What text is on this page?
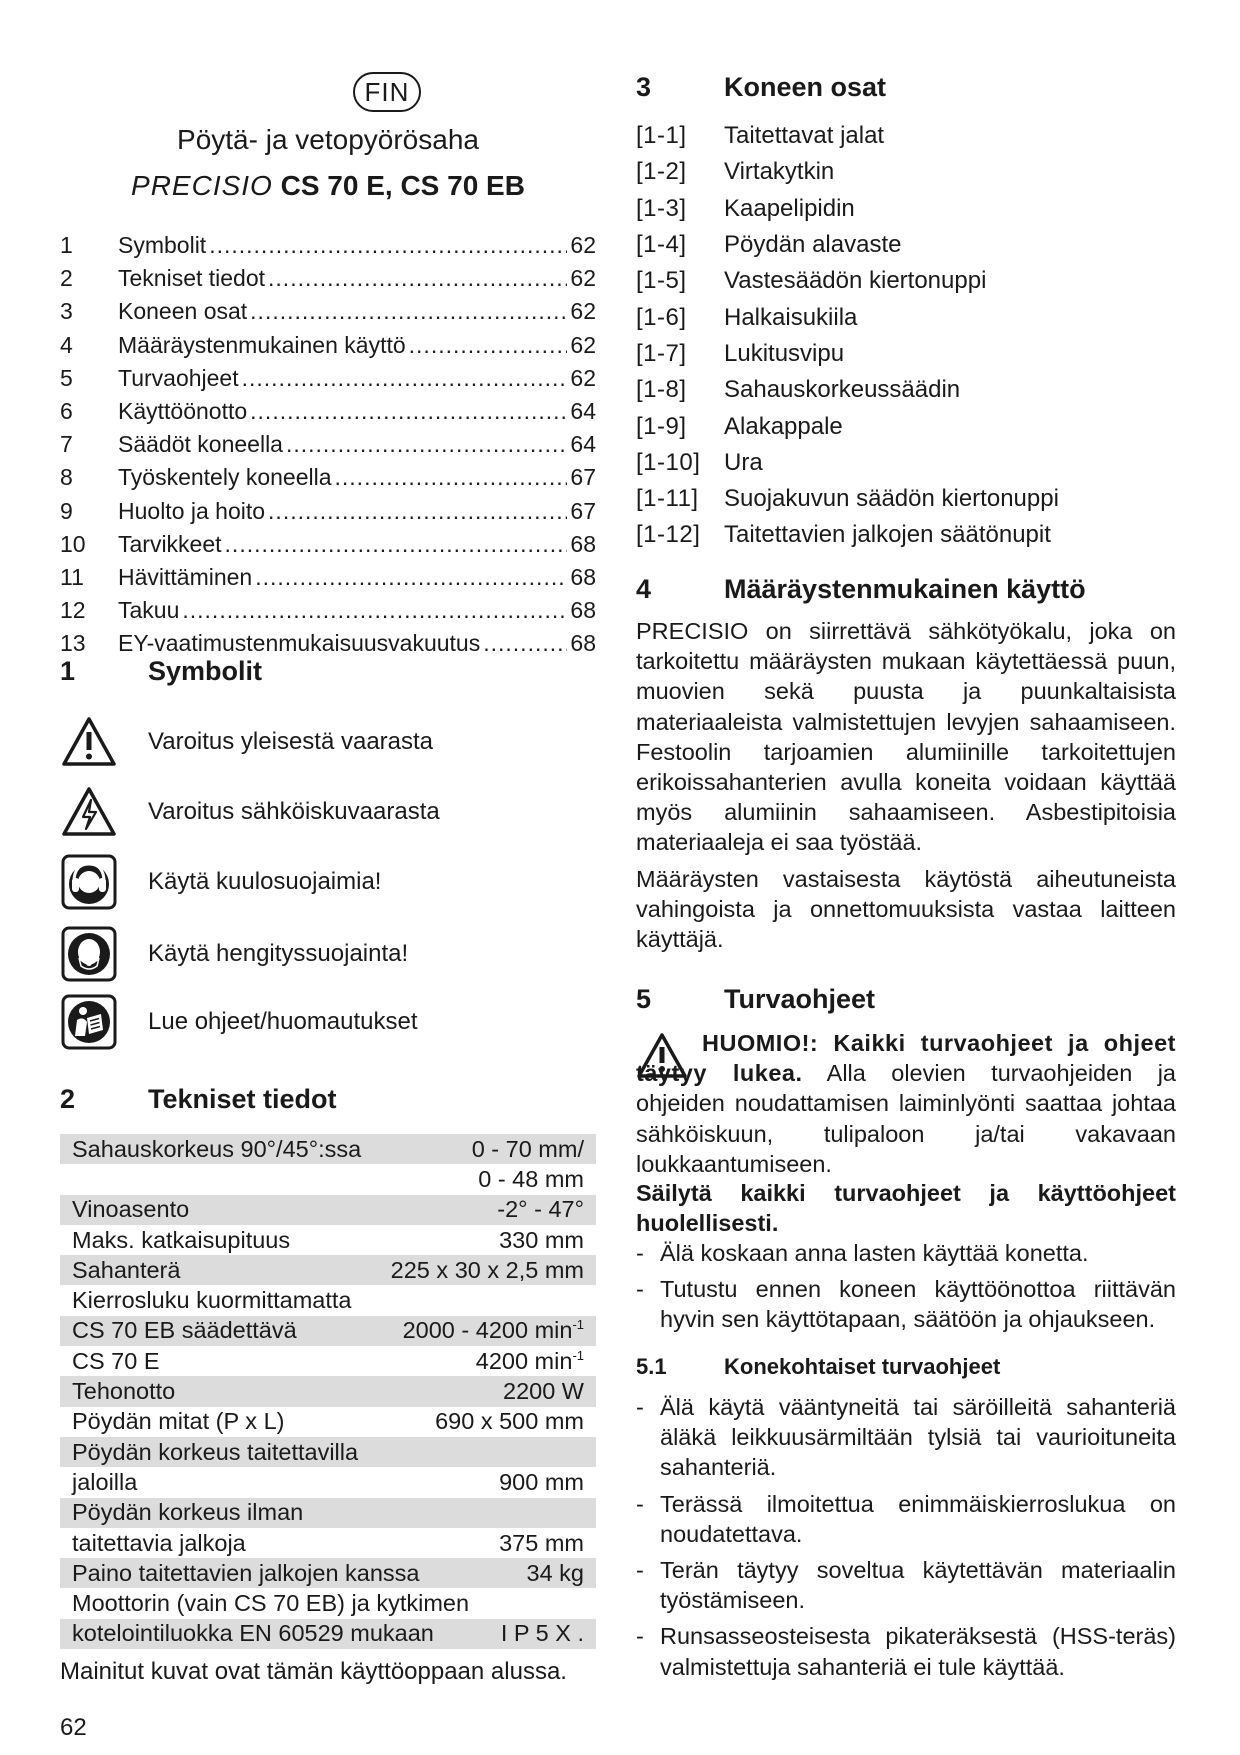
FIN
Pöytä- ja vetopyörösaha
PRECISIO CS 70 E, CS 70 EB
1	Symbolit .....	62
2	Tekniset tiedot .....	62
3	Koneen osat .....	62
4	Määräystenmukainen käyttö .....	62
5	Turvaohjeet .....	62
6	Käyttöönotto .....	64
7	Säädöt koneella .....	64
8	Työskentely koneella .....	67
9	Huolto ja hoito .....	67
10	Tarvikkeet .....	68
11	Hävittäminen .....	68
12	Takuu .....	68
13	EY-vaatimustenmukaisuusvakuutus .....	68
1	Symbolit
Varoitus yleisestä vaarasta
Varoitus sähköiskuvaarasta
Käytä kuulosuojaimia!
Käytä hengityssuojainta!
Lue ohjeet/huomautukset
2	Tekniset tiedot
Sahauskorkeus 90°/45°:ssa	0 - 70 mm/
0 - 48 mm
Vinoasento	-2° - 47°
Maks. katkaisupituus	330 mm
Sahanterä	225 x 30 x 2,5 mm
Kierrosluku kuormittamatta
CS 70 EB säädettävä	2000 - 4200 $\min^{-1}$
CS 70 E	4200 $\min^{-1}$
Tehonotto	2200 W
Pöydän mitat (P x L)	690 x 500 mm
Pöydän korkeus taitettavilla
jaloilla	900 mm
Pöydän korkeus ilman
taitettavia jalkoja	375 mm
Paino taitettavien jalkojen kanssa	34 kg
Moottorin (vain CS 70 EB) ja kytkimen
kotelointiluokka EN 60529 mukaan	I P 5 X .
Mainitut kuvat ovat tämän käyttöoppaan alussa.
3	Koneen osat
[1-1]	Taitettavat jalat
[1-2]	Virtakytkin
[1-3]	Kaapelipidin
[1-4]	Pöydän alavaste
[1-5]	Vastesäädön kiertonuppi
[1-6]	Halkaisukiila
[1-7]	Lukitusvipu
[1-8]	Sahauskorkeussäädin
[1-9]	Alakappale
[1-10] Ura
[1-11]	Suojakuvun säädön kiertonuppi
[1-12] Taitettavien jalkojen säätönupit
4	Määräystenmukainen käyttö

PRECISIO on siirrettävä sähkötyökalu, joka on tarkoitettu määräysten mukaan käytettäessä puun, muovien sekä puusta ja puunkaltaisista materiaaleista valmistettujen levyjen sahaamiseen. Festoolin tarjoamien alumiinille tarkoitettujen erikoissahanterien avulla koneita voidaan käyttää myös alumiinin sahaamiseen. Asbestipitoisia materiaaleja ei saa työstää.

Määräysten vastaisesta käytöstä aiheutuneista vahingoista ja onnettomuuksista vastaa laitteen käyttäjä.

5	Turvaohjeet

HUOMIO!: Kaikki turvaohjeet ja ohjeet täytyy lukea. Alla olevien turvaohjeiden ja ohjeiden noudattamisen laiminlyönti saattaa johtaa sähköiskuun, tulipaloon ja/tai vakavaan loukkaantumiseen.

Säilytä kaikki turvaohjeet ja käyttöohjeet huolellisesti.
- Älä koskaan anna lasten käyttää konetta.
- Tutustu ennen koneen käyttöönottoa riittävän hyvin sen käyttötapaan, säätöön ja ohjaukseen.
5.1	Konekohtaiset turvaohjeet
- Älä käytä vääntyneitä tai säröilleitä sahanteriä äläkä leikkuusärmiltään tylsiä tai vaurioituneita sahanteriä.
- Terässä ilmoitettua enimmäiskierroslukua on noudatettava.
- Terän täytyy soveltua käytettävän materiaalin työstämiseen.
- Runsasseosteisesta pikateräksestä (HSS-teräs) valmistettuja sahanteriä ei tule käyttää.
62
